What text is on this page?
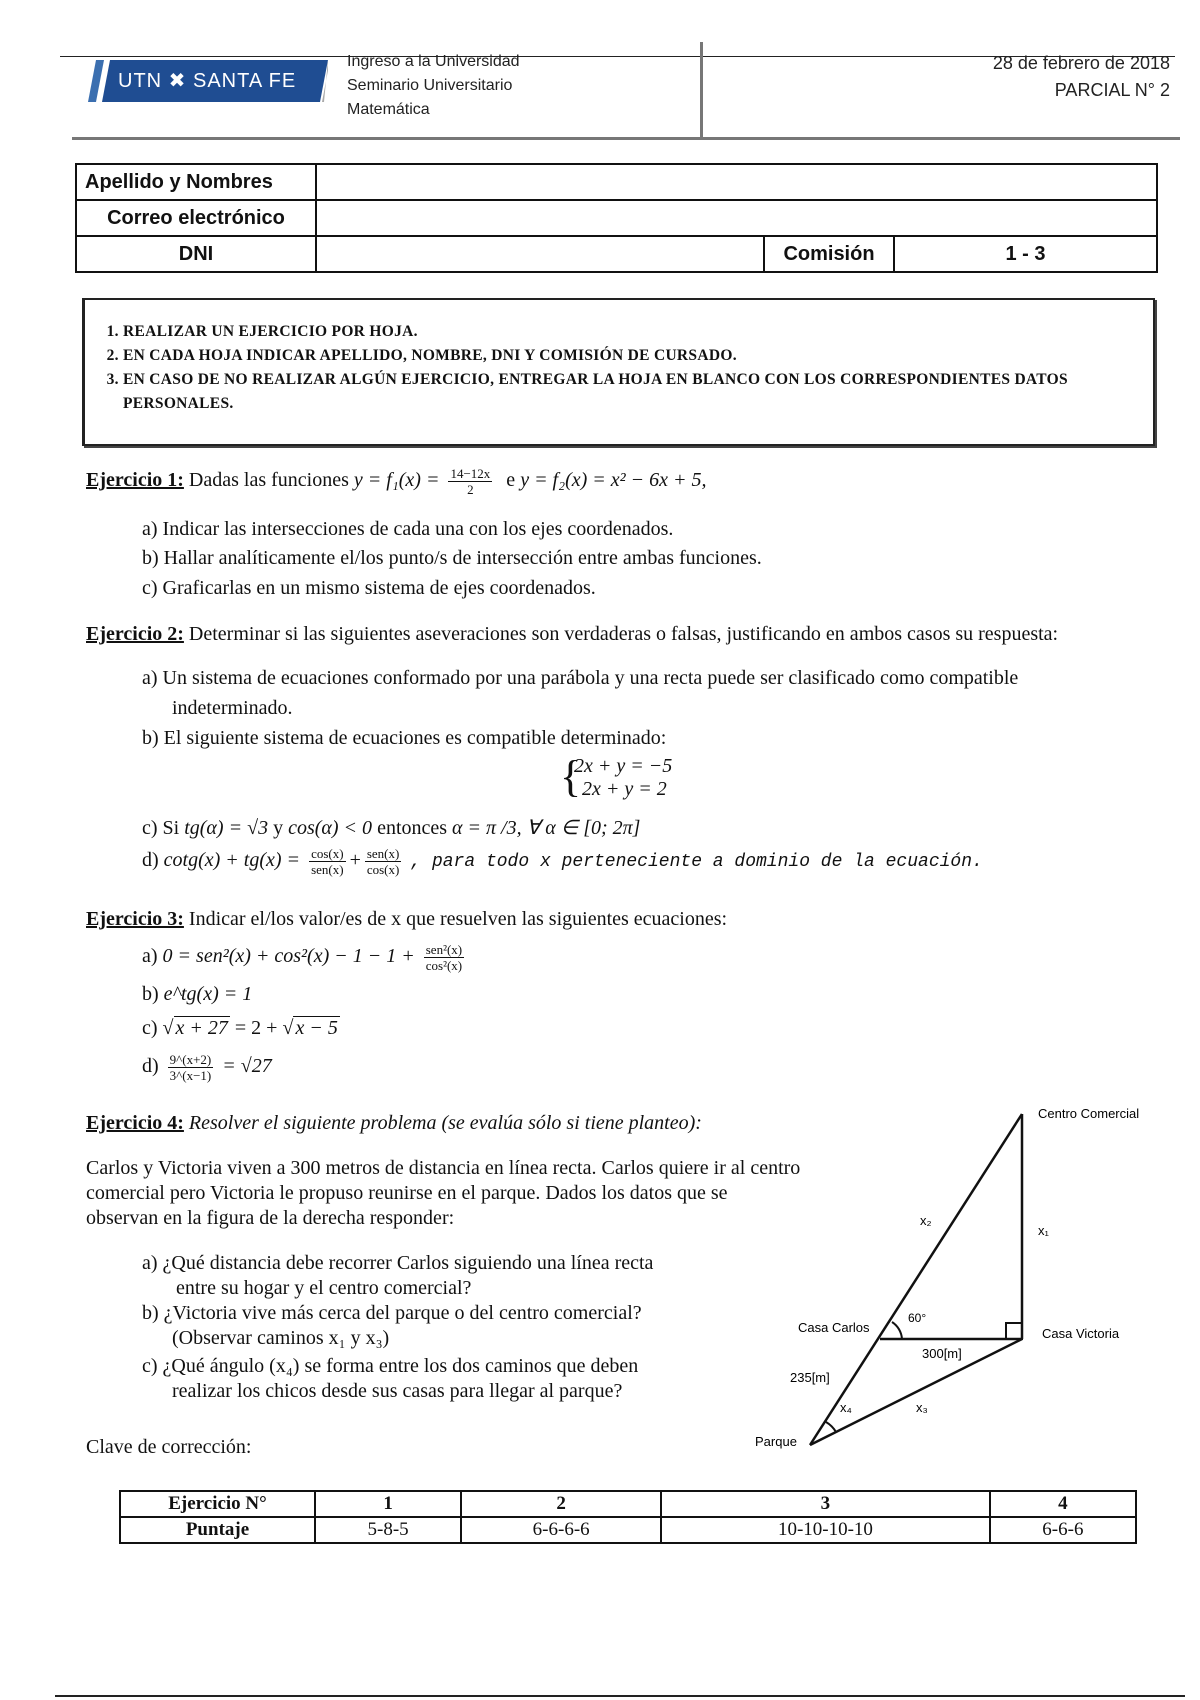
UTN ✖ SANTA FE
Ingreso a la Universidad
Seminario Universitario
Matemática
28 de febrero de 2018
PARCIAL N° 2
Apellido y Nombres			
Correo electrónico			
DNI		Comisión	1 - 3
1. REALIZAR UN EJERCICIO POR HOJA.
2. EN CADA HOJA INDICAR APELLIDO, NOMBRE, DNI Y COMISIÓN DE CURSADO.
3. EN CASO DE NO REALIZAR ALGÚN EJERCICIO, ENTREGAR LA HOJA EN BLANCO CON LOS CORRESPONDIENTES DATOS PERSONALES.
Ejercicio 1: Dadas las funciones $y = f_1(x) = \frac{14-12x}{2}$ e y = f₂(x) = x² − 6x + 5,
a) Indicar las intersecciones de cada una con los ejes coordenados.
b) Hallar analíticamente el/los punto/s de intersección entre ambas funciones.
c) Graficarlas en un mismo sistema de ejes coordenados.
Ejercicio 2: Determinar si las siguientes aseveraciones son verdaderas o falsas, justificando en ambos casos su respuesta:
a) Un sistema de ecuaciones conformado por una parábola y una recta puede ser clasificado como compatible
indeterminado.
b) El siguiente sistema de ecuaciones es compatible determinado:
{
2x + y = −5
2x + y = 2
c) Si tg(α) = √3 y cos(α) < 0 entonces α = π /3, ∀ α ∈ [0; 2π]
d) $\cot g(x) + tg(x) = \frac{\cos(x)}{\text{sen(x)}} + \frac{\text{sen(x)}}{\cos(x)}$ , para todo x perteneciente a dominio de la ecuación.
Ejercicio 3: Indicar el/los valor/es de x que resuelven las siguientes ecuaciones:
a) $0 = sen^2(x) + \cos^2(x) - 1 - 1 + \frac{\text{sen²(x)}}{\text{cos²(x)}}$
b) e^tg(x) = 1
c) √ x + 27 = 2 + √ x − 5
$d) \frac{9\^{}(x+2)}{3\^{}(x-1)} = √27$
Ejercicio 4: Resolver el siguiente problema (se evalúa sólo si tiene planteo):
Carlos y Victoria viven a 300 metros de distancia en línea recta. Carlos quiere ir al centro
comercial pero Victoria le propuso reunirse en el parque. Dados los datos que se
observan en la figura de la derecha responder:
a) ¿Qué distancia debe recorrer Carlos siguiendo una línea recta
entre su hogar y el centro comercial?
b) ¿Victoria vive más cerca del parque o del centro comercial?
(Observar caminos x₁ y x₃)
c) ¿Qué ángulo (x₄) se forma entre los dos caminos que deben
realizar los chicos desde sus casas para llegar al parque?
Centro Comercial
x₂
x₁
60°
Casa Carlos	Casa Victoria
300[m]
235[m]
x₄	x₃
Parque
Clave de corrección:
Ejercicio N°	1	2	3	4
Puntaje	5-8-5	6-6-6-6	10-10-10-10	6-6-6
